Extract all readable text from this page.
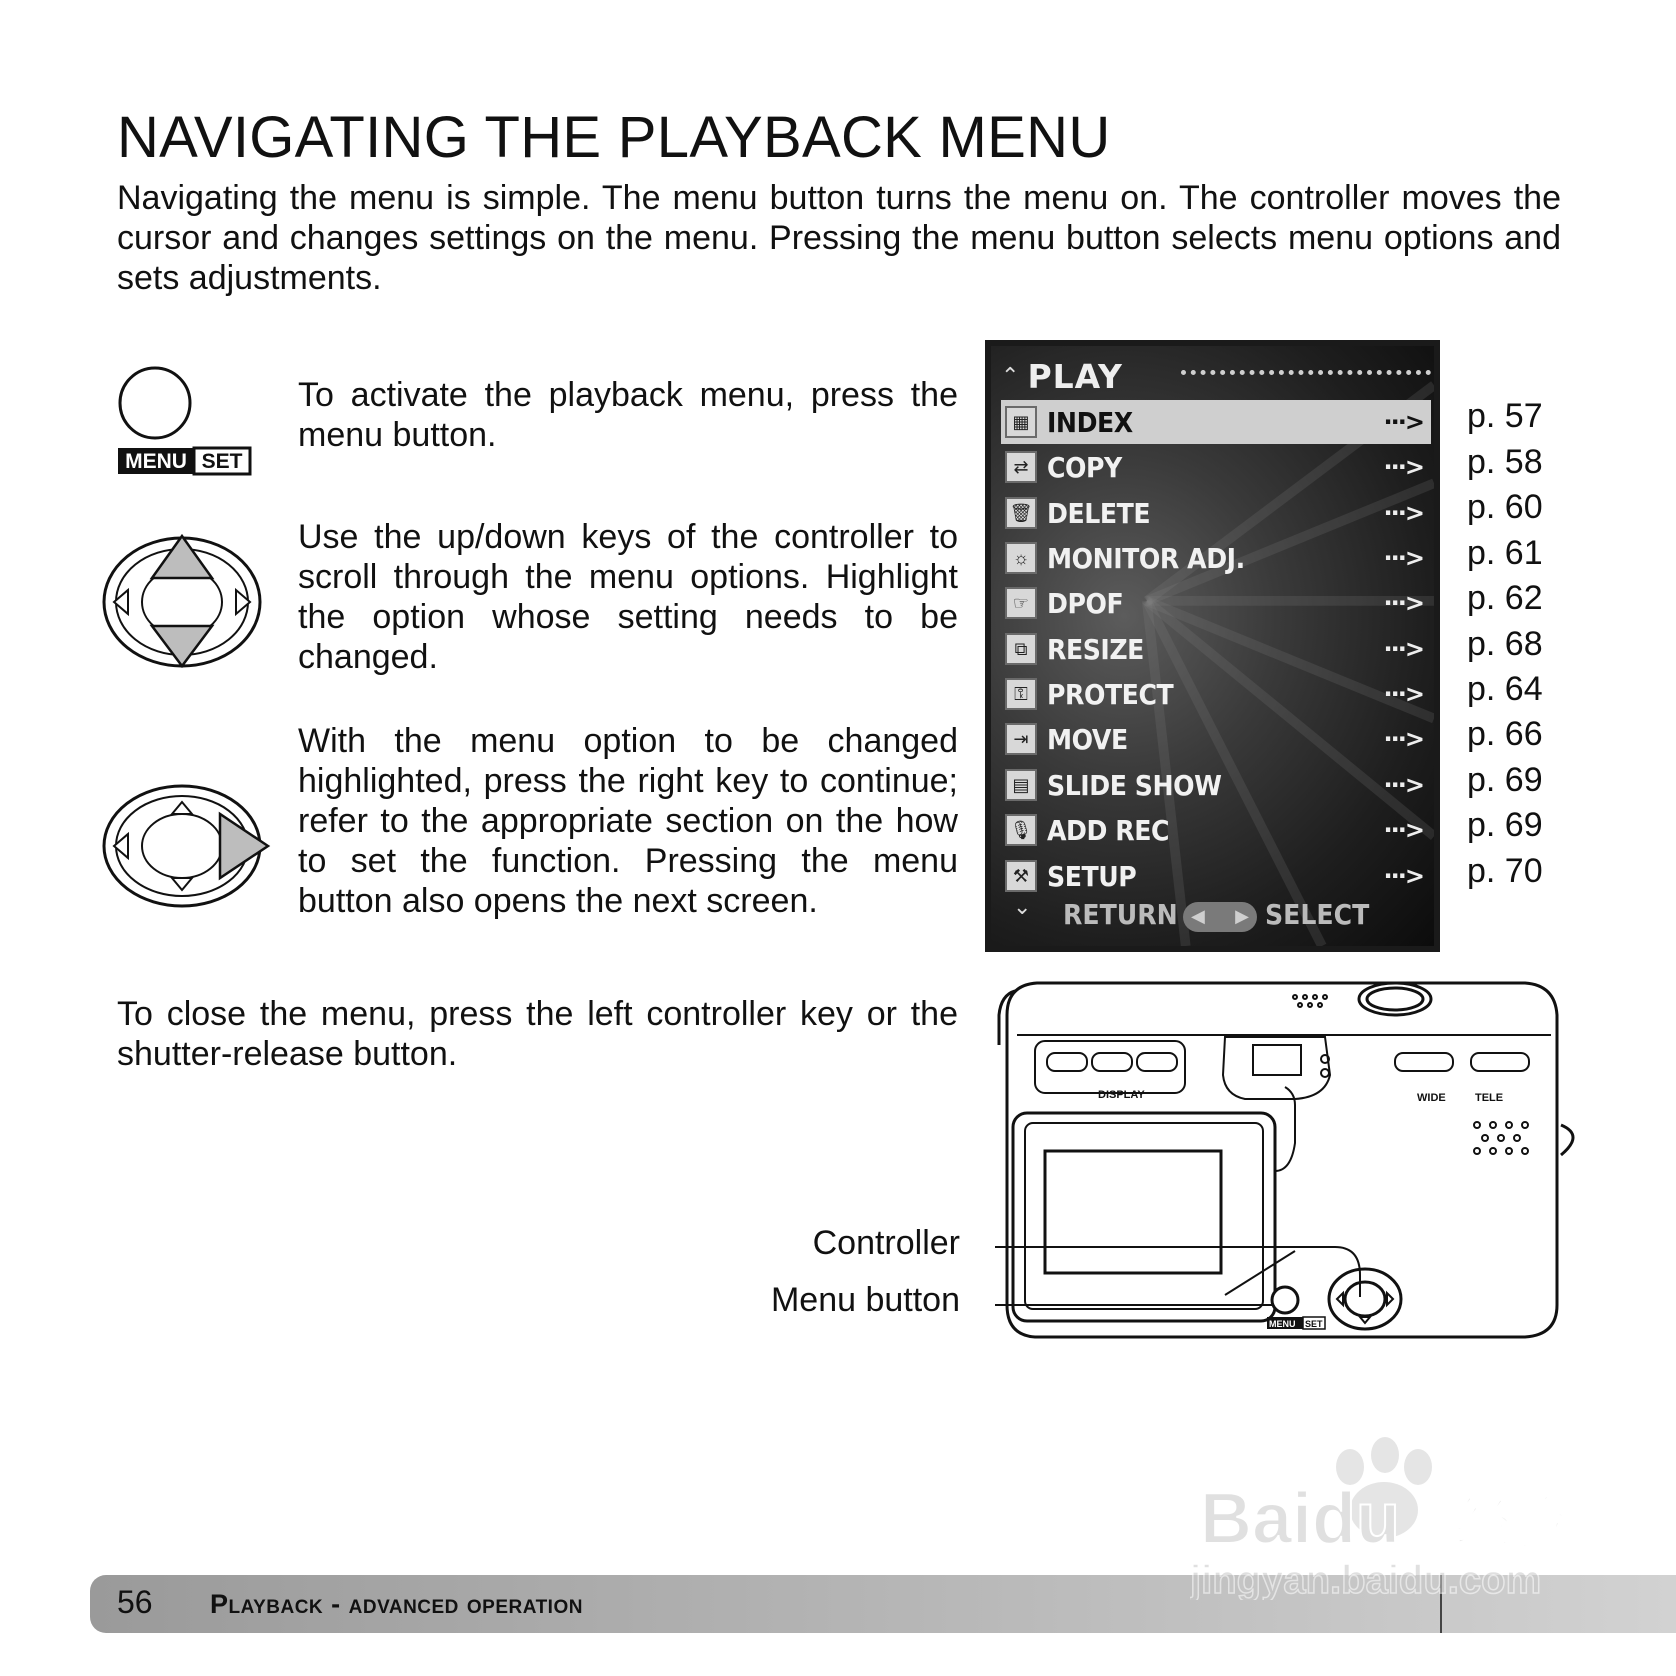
NAVIGATING THE PLAYBACK MENU
Navigating the menu is simple. The menu button turns the menu on. The controller moves the cursor and changes settings on the menu. Pressing the menu button selects menu options and sets adjustments.
MENU SET
To activate the playback menu, press the menu button.
Use the up/down keys of the controller to scroll through the menu options. Highlight the option whose setting needs to be changed.
With the menu option to be changed highlighted, press the right key to continue; refer to the appropriate section on the how to set the function. Pressing the menu button also opens the next screen.
To close the menu, press the left controller key or the shutter-release button.
⌃ PLAY
▦ INDEX	···>
⇄ COPY	···>
🗑 DELETE	···>
☼ MONITOR ADJ.	···>
☞ DPOF	···>
⧉ RESIZE	···>
⚿ PROTECT	···>
⇥ MOVE	···>
▤ SLIDE SHOW	···>
🎙 ADD REC	···>
⚒ SETUP	···>
⌄ RETURN ◀ ▶ SELECT
p. 57
p. 58
p. 60
p. 61
p. 62
p. 68
p. 64
p. 66
p. 69
p. 69
p. 70
DISPLAY	WIDE	TELE
MENU SET
Controller
Menu button
56 Playback - advanced operation
Baidu 经验
jingyan.baidu.com
